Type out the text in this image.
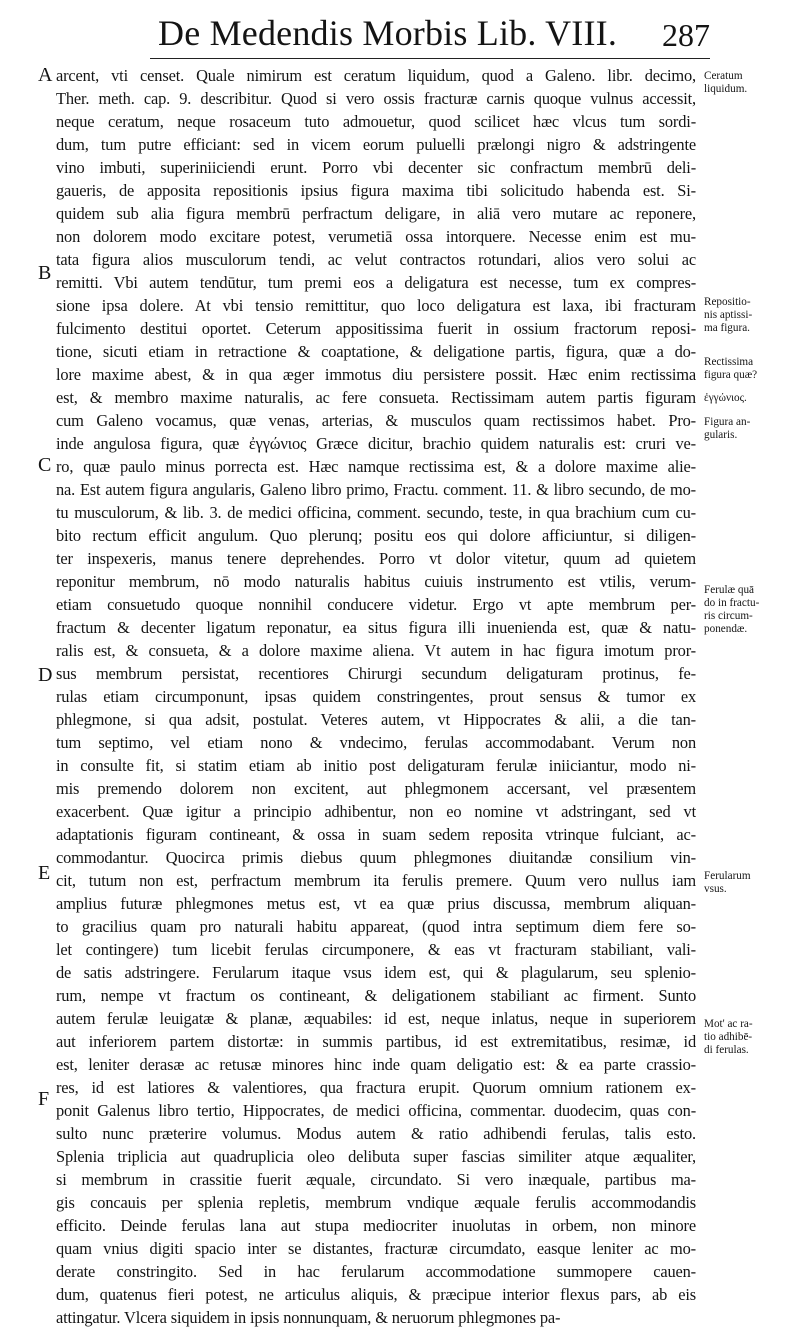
De Medendis Morbis Lib. VIII. 287
A
B
C
D
E
F
arcent, vti censet. Quale nimirum est ceratum liquidum, quod a Galeno. libr. decimo,
Ther. meth. cap. 9. describitur. Quod si vero ossis fracturæ carnis quoque vulnus accessit,
neque ceratum, neque rosaceum tuto admouetur, quod scilicet hæc vlcus tum sordi-
dum, tum putre efficiant: sed in vicem eorum puluelli prælongi nigro & adstringente
vino imbuti, superiniiciendi erunt. Porro vbi decenter sic confractum membrū deli-
gaueris, de apposita repositionis ipsius figura maxima tibi solicitudo habenda est. Si-
quidem sub alia figura membrū perfractum deligare, in aliā vero mutare ac reponere,
non dolorem modo excitare potest, verumetiā ossa intorquere. Necesse enim est mu-
tata figura alios musculorum tendi, ac velut contractos rotundari, alios vero solui ac
remitti. Vbi autem tendūtur, tum premi eos a deligatura est necesse, tum ex compres-
sione ipsa dolere. At vbi tensio remittitur, quo loco deligatura est laxa, ibi fracturam
fulcimento destitui oportet. Ceterum appositissima fuerit in ossium fractorum reposi-
tione, sicuti etiam in retractione & coaptatione, & deligatione partis, figura, quæ a do-
lore maxime abest, & in qua æger immotus diu persistere possit. Hæc enim rectissima
est, & membro maxime naturalis, ac fere consueta. Rectissimam autem partis figuram
cum Galeno vocamus, quæ venas, arterias, & musculos quam rectissimos habet. Pro-
inde angulosa figura, quæ ἐγγώνιος Græce dicitur, brachio quidem naturalis est: cruri ve-
ro, quæ paulo minus porrecta est. Hæc namque rectissima est, & a dolore maxime alie-
na. Est autem figura angularis, Galeno libro primo, Fractu. comment. 11. & libro secundo, de mo-
tu musculorum, & lib. 3. de medici officina, comment. secundo, teste, in qua brachium cum cu-
bito rectum efficit angulum. Quo plerunq; positu eos qui dolore afficiuntur, si diligen-
ter inspexeris, manus tenere deprehendes. Porro vt dolor vitetur, quum ad quietem
reponitur membrum, nō modo naturalis habitus cuiuis instrumento est vtilis, verum-
etiam consuetudo quoque nonnihil conducere videtur. Ergo vt apte membrum per-
fractum & decenter ligatum reponatur, ea situs figura illi inuenienda est, quæ & natu-
ralis est, & consueta, & a dolore maxime aliena. Vt autem in hac figura imotum pror-
sus membrum persistat, recentiores Chirurgi secundum deligaturam protinus, fe-
rulas etiam circumponunt, ipsas quidem constringentes, prout sensus & tumor ex
phlegmone, si qua adsit, postulat. Veteres autem, vt Hippocrates & alii, a die tan-
tum septimo, vel etiam nono & vndecimo, ferulas accommodabant. Verum non
in consulte fit, si statim etiam ab initio post deligaturam ferulæ iniiciantur, modo ni-
mis premendo dolorem non excitent, aut phlegmonem accersant, vel præsentem
exacerbent. Quæ igitur a principio adhibentur, non eo nomine vt adstringant, sed vt
adaptationis figuram contineant, & ossa in suam sedem reposita vtrinque fulciant, ac-
commodantur. Quocirca primis diebus quum phlegmones diuitandæ consilium vin-
cit, tutum non est, perfractum membrum ita ferulis premere. Quum vero nullus iam
amplius futuræ phlegmones metus est, vt ea quæ prius discussa, membrum aliquan-
to gracilius quam pro naturali habitu appareat, (quod intra septimum diem fere so-
let contingere) tum licebit ferulas circumponere, & eas vt fracturam stabiliant, vali-
de satis adstringere. Ferularum itaque vsus idem est, qui & plagularum, seu splenio-
rum, nempe vt fractum os contineant, & deligationem stabiliant ac firment. Sunto
autem ferulæ leuigatæ & planæ, æquabiles: id est, neque inlatus, neque in superiorem
aut inferiorem partem distortæ: in summis partibus, id est extremitatibus, resimæ, id
est, leniter derasæ ac retusæ minores hinc inde quam deligatio est: & ea parte crassio-
res, id est latiores & valentiores, qua fractura erupit. Quorum omnium rationem ex-
ponit Galenus libro tertio, Hippocrates, de medici officina, commentar. duodecim, quas con-
sulto nunc præterire volumus. Modus autem & ratio adhibendi ferulas, talis esto.
Splenia triplicia aut quadruplicia oleo delibuta super fascias similiter atque æqualiter,
si membrum in crassitie fuerit æquale, circundato. Si vero inæquale, partibus ma-
gis concauis per splenia repletis, membrum vndique æquale ferulis accommodandis
efficito. Deinde ferulas lana aut stupa mediocriter inuolutas in orbem, non minore
quam vnius digiti spacio inter se distantes, fracturæ circumdato, easque leniter ac mo-
derate constringito. Sed in hac ferularum accommodatione summopere cauen-
dum, quatenus fieri potest, ne articulus aliquis, & præcipue interior flexus pars, ab eis
attingatur. Vlcera siquidem in ipsis nonnunquam, & neruorum phlegmones pa-
Ceratum
liquidum.
Repositio-
nis aptissi-
ma figura.
Rectissima
figura quæ?
ἐγγώνιος.
Figura an-
gularis.
Ferulæ quā
do in fractu-
ris circum-
ponendæ.
Ferularum
vsus.
Mot' ac ra-
tio adhibē-
di ferulas.
